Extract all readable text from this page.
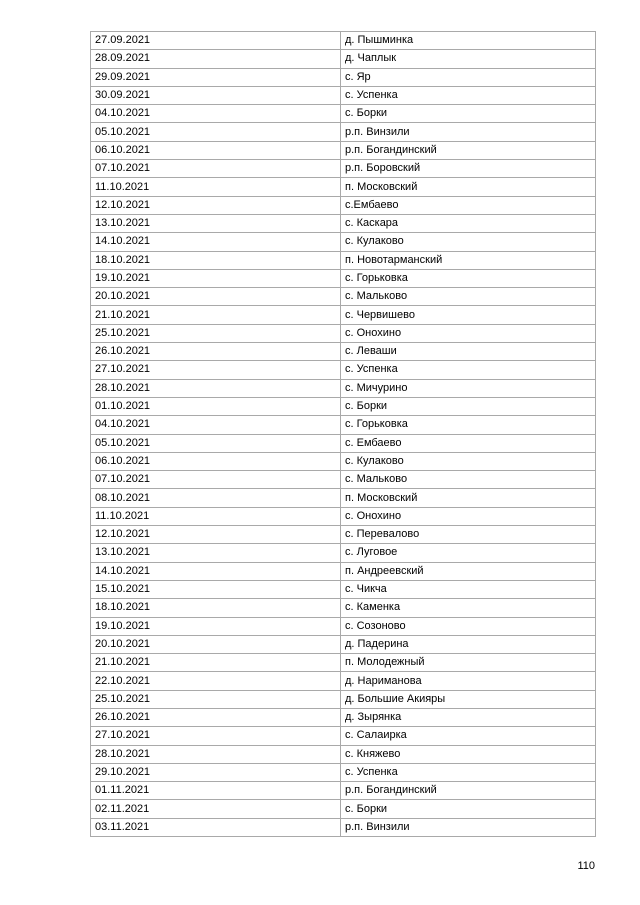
27.09.2021	д. Пышминка
28.09.2021	д. Чаплык
29.09.2021	с. Яр
30.09.2021	с. Успенка
04.10.2021	с. Борки
05.10.2021	р.п. Винзили
06.10.2021	р.п. Богандинский
07.10.2021	р.п. Боровский
11.10.2021	п. Московский
12.10.2021	с.Ембаево
13.10.2021	с. Каскара
14.10.2021	с. Кулаково
18.10.2021	п. Новотарманский
19.10.2021	с. Горьковка
20.10.2021	с. Мальково
21.10.2021	с. Червишево
25.10.2021	с. Онохино
26.10.2021	с. Леваши
27.10.2021	с. Успенка
28.10.2021	с. Мичурино
01.10.2021	с. Борки
04.10.2021	с. Горьковка
05.10.2021	с. Ембаево
06.10.2021	с. Кулаково
07.10.2021	с. Мальково
08.10.2021	п. Московский
11.10.2021	с. Онохино
12.10.2021	с. Перевалово
13.10.2021	с. Луговое
14.10.2021	п. Андреевский
15.10.2021	с. Чикча
18.10.2021	с. Каменка
19.10.2021	с. Созоново
20.10.2021	д. Падерина
21.10.2021	п. Молодежный
22.10.2021	д. Нариманова
25.10.2021	д. Большие Акияры
26.10.2021	д. Зырянка
27.10.2021	с. Салаирка
28.10.2021	с. Княжево
29.10.2021	с. Успенка
01.11.2021	р.п. Богандинский
02.11.2021	с. Борки
03.11.2021	р.п. Винзили
110
